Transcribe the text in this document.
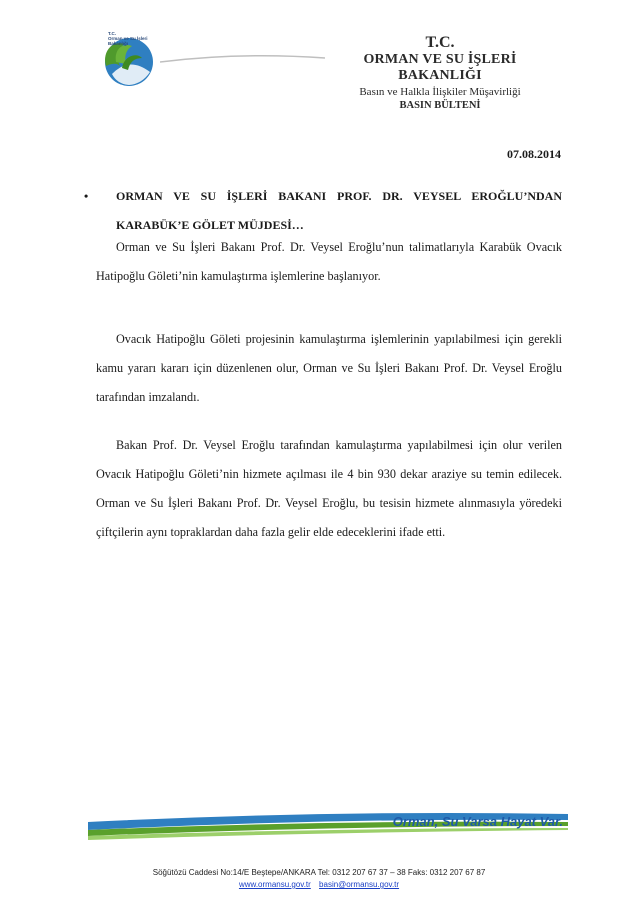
T.C.
Orman ve Su İşleri
Bakanlığı	T.C.
ORMAN VE SU İŞLERİ BAKANLIĞI
Basın ve Halkla İlişkiler Müşavirliği
BASIN BÜLTENİ
07.08.2014
• ORMAN VE SU İŞLERİ BAKANI PROF. DR. VEYSEL EROĞLU’NDAN KARABÜK’E GÖLET MÜJDESİ…
Orman ve Su İşleri Bakanı Prof. Dr. Veysel Eroğlu’nun talimatlarıyla Karabük Ovacık Hatipoğlu Göleti’nin kamulaştırma işlemlerine başlanıyor.
Ovacık Hatipoğlu Göleti projesinin kamulaştırma işlemlerinin yapılabilmesi için gerekli kamu yararı kararı için düzenlenen olur, Orman ve Su İşleri Bakanı Prof. Dr. Veysel Eroğlu tarafından imzalandı.
Bakan Prof. Dr. Veysel Eroğlu tarafından kamulaştırma yapılabilmesi için olur verilen Ovacık Hatipoğlu Göleti’nin hizmete açılması ile 4 bin 930 dekar araziye su temin edilecek. Orman ve Su İşleri Bakanı Prof. Dr. Veysel Eroğlu, bu tesisin hizmete alınmasıyla yöredeki çiftçilerin aynı topraklardan daha fazla gelir elde edeceklerini ifade etti.
Orman, Su Varsa Hayat Var.
Söğütözü Caddesi No:14/E Beştepe/ANKARA Tel: 0312 207 67 37 – 38 Faks: 0312 207 67 87
www.ormansu.gov.tr basin@ormansu.gov.tr
